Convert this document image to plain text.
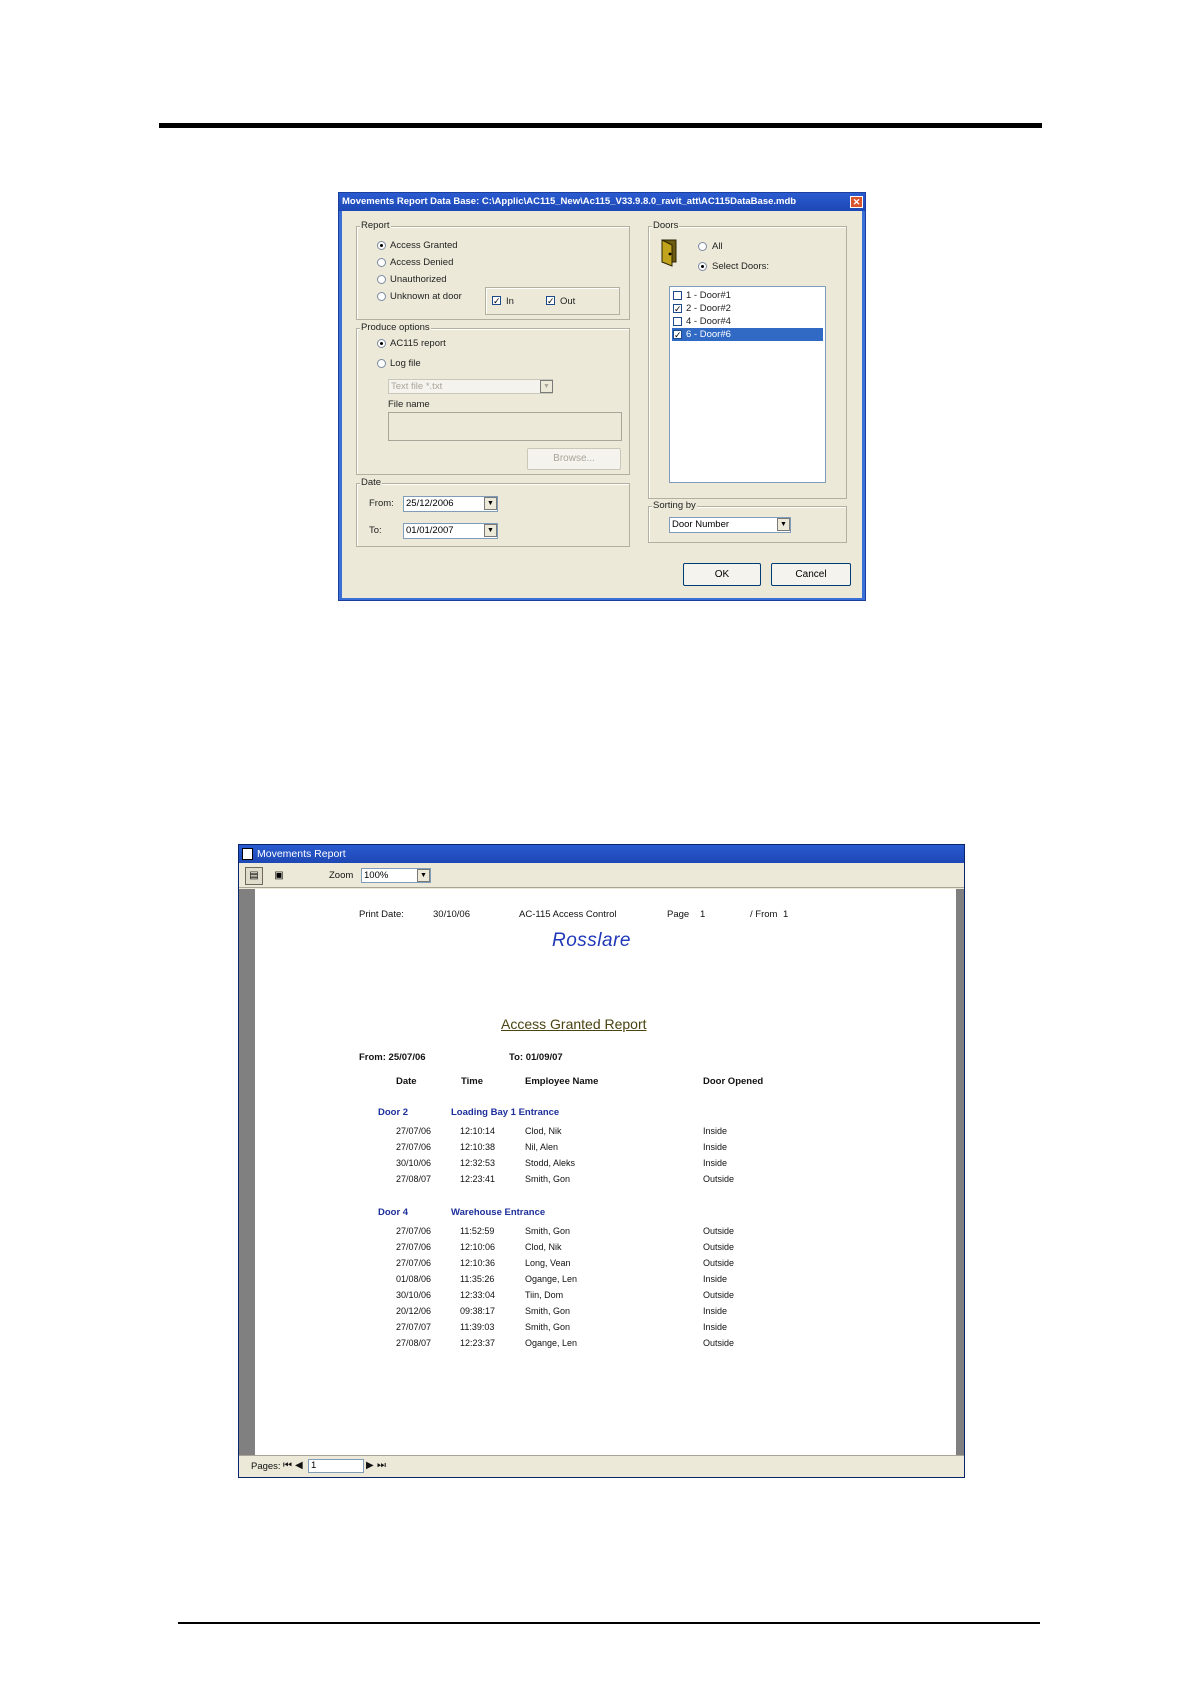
Movements Report Data Base: C:\Applic\AC115_New\Ac115_V33.9.8.0_ravit_att\AC115DataBase.mdb	✕
Report
Access Granted
Access Denied
Unauthorized
Unknown at door	✓ In	✓ Out
Produce options
AC115 report
Log file
Text file *.txt	▼
File name
Browse...
Date
From:	25/12/2006	▼
To:	01/01/2007	▼
Doors
All
Select Doors:
1 - Door#1
✓ 2 - Door#2
4 - Door#4
✓ 6 - Door#6
Sorting by
Door Number	▼
OK	Cancel
Movements Report
▤	▣	Zoom	100%	▼
Print Date:	30/10/06	AC-115 Access Control	Page 1	/ From 1
Rosslare
Access Granted Report
From: 25/07/06	To: 01/09/07
Date	Time	Employee Name	Door Opened
Door 2	Loading Bay 1 Entrance
27/07/06	12:10:14	Clod, Nik	Inside
27/07/06	12:10:38	Nil, Alen	Inside
30/10/06	12:32:53	Stodd, Aleks	Inside
27/08/07	12:23:41	Smith, Gon	Outside
Door 4	Warehouse Entrance
27/07/06	11:52:59	Smith, Gon	Outside
27/07/06	12:10:06	Clod, Nik	Outside
27/07/06	12:10:36	Long, Vean	Outside
01/08/06	11:35:26	Ogange, Len	Inside
30/10/06	12:33:04	Tiin, Dom	Outside
20/12/06	09:38:17	Smith, Gon	Inside
27/07/07	11:39:03	Smith, Gon	Inside
27/08/07	12:23:37	Ogange, Len	Outside
Pages: ⏮ ◀ 1	▶ ⏭
